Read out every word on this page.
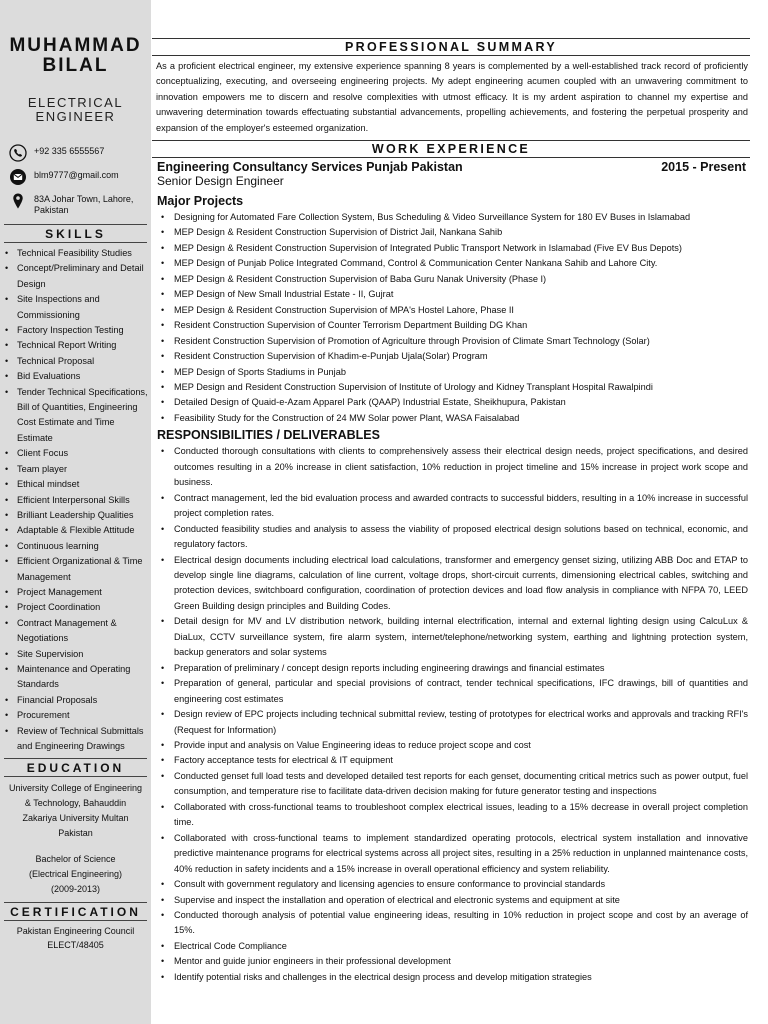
MUHAMMAD
BILAL
ELECTRICAL
ENGINEER
+92 335 6555567
blm9777@gmail.com
83A Johar Town, Lahore,
Pakistan
SKILLS
• Technical Feasibility Studies
• Concept/Preliminary and Detail Design
• Site Inspections and Commissioning
• Factory Inspection Testing
• Technical Report Writing
• Technical Proposal
• Bid Evaluations
• Tender Technical Specifications, Bill of Quantities, Engineering Cost Estimate and Time Estimate
• Client Focus
• Team player
• Ethical mindset
• Efficient Interpersonal Skills
• Brilliant Leadership Qualities
• Adaptable & Flexible Attitude
• Continuous learning
• Efficient Organizational & Time Management
• Project Management
• Project Coordination
• Contract Management & Negotiations
• Site Supervision
• Maintenance and Operating Standards
• Financial Proposals
• Procurement
• Review of Technical Submittals and Engineering Drawings
EDUCATION
University College of Engineering
& Technology, Bahauddin
Zakariya University Multan
Pakistan
Bachelor of Science
(Electrical Engineering)
(2009-2013)
CERTIFICATION
Pakistan Engineering Council
ELECT/48405
PROFESSIONAL SUMMARY
As a proficient electrical engineer, my extensive experience spanning 8 years is complemented by a well-established track record of proficiently conceptualizing, executing, and overseeing engineering projects. My adept engineering acumen coupled with an unwavering commitment to innovation empowers me to discern and resolve complexities with utmost efficacy. It is my ardent aspiration to channel my expertise and unwavering determination towards effectuating substantial advancements, propelling achievements, and fostering the perpetual prosperity and expansion of the employer's esteemed organization.
WORK EXPERIENCE
Engineering Consultancy Services Punjab Pakistan	2015 - Present
Senior Design Engineer
Major Projects
• Designing for Automated Fare Collection System, Bus Scheduling & Video Surveillance System for 180 EV Buses in Islamabad
• MEP Design & Resident Construction Supervision of District Jail, Nankana Sahib
• MEP Design & Resident Construction Supervision of Integrated Public Transport Network in Islamabad (Five EV Bus Depots)
• MEP Design of Punjab Police Integrated Command, Control & Communication Center Nankana Sahib and Lahore City.
• MEP Design & Resident Construction Supervision of Baba Guru Nanak University (Phase I)
• MEP Design of New Small Industrial Estate - II, Gujrat
• MEP Design & Resident Construction Supervision of MPA's Hostel Lahore, Phase II
• Resident Construction Supervision of Counter Terrorism Department Building DG Khan
• Resident Construction Supervision of Promotion of Agriculture through Provision of Climate Smart Technology (Solar)
• Resident Construction Supervision of Khadim-e-Punjab Ujala(Solar) Program
• MEP Design of Sports Stadiums in Punjab
• MEP Design and Resident Construction Supervision of Institute of Urology and Kidney Transplant Hospital Rawalpindi
• Detailed Design of Quaid-e-Azam Apparel Park (QAAP) Industrial Estate, Sheikhupura, Pakistan
• Feasibility Study for the Construction of 24 MW Solar power Plant, WASA Faisalabad
RESPONSIBILITIES / DELIVERABLES
• Conducted thorough consultations with clients to comprehensively assess their electrical design needs, project specifications, and desired outcomes resulting in a 20% increase in client satisfaction, 10% reduction in project timeline and 15% increase in project work scope and business.
• Contract management, led the bid evaluation process and awarded contracts to successful bidders, resulting in a 10% increase in successful project completion rates.
• Conducted feasibility studies and analysis to assess the viability of proposed electrical design solutions based on technical, economic, and regulatory factors.
• Electrical design documents including electrical load calculations, transformer and emergency genset sizing, utilizing ABB Doc and ETAP to develop single line diagrams, calculation of line current, voltage drops, short-circuit currents, dimensioning electrical cables, switching and protection devices, switchboard configuration, coordination of protection devices and load flow analysis in compliance with NFPA 70, LEED Green Building design principles and Building Codes.
• Detail design for MV and LV distribution network, building internal electrification, internal and external lighting design using CalcuLux & DiaLux, CCTV surveillance system, fire alarm system, internet/telephone/networking system, earthing and lightning protection system, backup generators and solar systems
• Preparation of preliminary / concept design reports including engineering drawings and financial estimates
• Preparation of general, particular and special provisions of contract, tender technical specifications, IFC drawings, bill of quantities and engineering cost estimates
• Design review of EPC projects including technical submittal review, testing of prototypes for electrical works and approvals and tracking RFI's (Request for Information)
• Provide input and analysis on Value Engineering ideas to reduce project scope and cost
• Factory acceptance tests for electrical & IT equipment
• Conducted genset full load tests and developed detailed test reports for each genset, documenting critical metrics such as power output, fuel consumption, and temperature rise to facilitate data-driven decision making for future generator testing and inspections
• Collaborated with cross-functional teams to troubleshoot complex electrical issues, leading to a 15% decrease in overall project completion time.
• Collaborated with cross-functional teams to implement standardized operating protocols, electrical system installation and innovative predictive maintenance programs for electrical systems across all project sites, resulting in a 25% reduction in unplanned maintenance costs, 40% reduction in safety incidents and a 15% increase in overall operational efficiency and system reliability.
• Consult with government regulatory and licensing agencies to ensure conformance to provincial standards
• Supervise and inspect the installation and operation of electrical and electronic systems and equipment at site
• Conducted thorough analysis of potential value engineering ideas, resulting in 10% reduction in project scope and cost by an average of 15%.
• Electrical Code Compliance
• Mentor and guide junior engineers in their professional development
• Identify potential risks and challenges in the electrical design process and develop mitigation strategies
